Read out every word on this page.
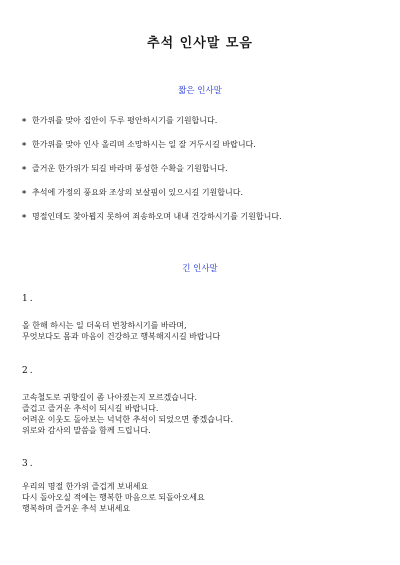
추석 인사말 모음
짧은 인사말
* 한가위를 맞아 집안이 두루 평안하시기를 기원합니다.
* 한가위를 맞아 인사 올리며 소망하시는 일 잘 거두시길 바랍니다.
* 즐거운 한가위가 되길 바라며 풍성한 수확을 기원합니다.
* 추석에 가정의 풍요와 조상의 보살핌이 있으시길 기원합니다.
* 명절인데도 찾아뵙지 못하여 죄송하오며 내내 건강하시기를 기원합니다.
긴 인사말
1.
올 한해 하시는 일 더욱더 번창하시기를 바라며,
무엇보다도 몸과 마음이 건강하고 행복해지시길 바랍니다
2.
고속철도로 귀향길이 좀 나아졌는지 모르겠습니다.
즐겁고 즐거운 추석이 되시길 바랍니다.
어려운 이웃도 돌아보는 넉넉한 추석이 되었으면 좋겠습니다.
위로와 감사의 말씀을 함께 드립니다.
3.
우리의 명절 한가위 즐겁게 보내세요
다시 돌아오실 적에는 행복한 마음으로 되돌아오세요
행복하며 즐거운 추석 보내세요
